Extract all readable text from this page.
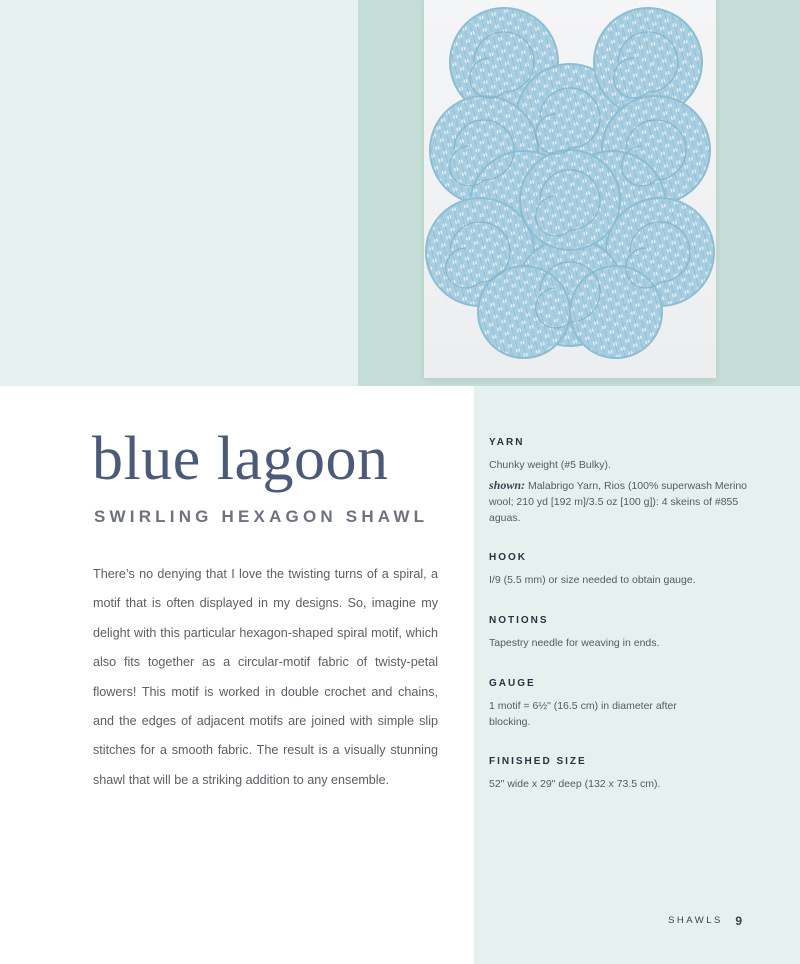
blue lagoon
SWIRLING HEXAGON SHAWL

There’s no denying that I love the twisting turns of a spiral, a motif that is often displayed in my designs. So, imagine my delight with this particular hexagon-shaped spiral motif, which also fits together as a circular-motif fabric of twisty-petal flowers! This motif is worked in double crochet and chains, and the edges of adjacent motifs are joined with simple slip stitches for a smooth fabric. The result is a visually stunning shawl that will be a striking addition to any ensemble.

YARN

Chunky weight (#5 Bulky).

shown: Malabrigo Yarn, Rios (100% superwash Merino wool; 210 yd [192 m]/3.5 oz [100 g]): 4 skeins of #855 aguas.

HOOK

I/9 (5.5 mm) or size needed to obtain gauge.

NOTIONS

Tapestry needle for weaving in ends.

GAUGE

1 motif = 6½" (16.5 cm) in diameter after blocking.

FINISHED SIZE

52" wide x 29" deep (132 x 73.5 cm).

SHAWLS 9
